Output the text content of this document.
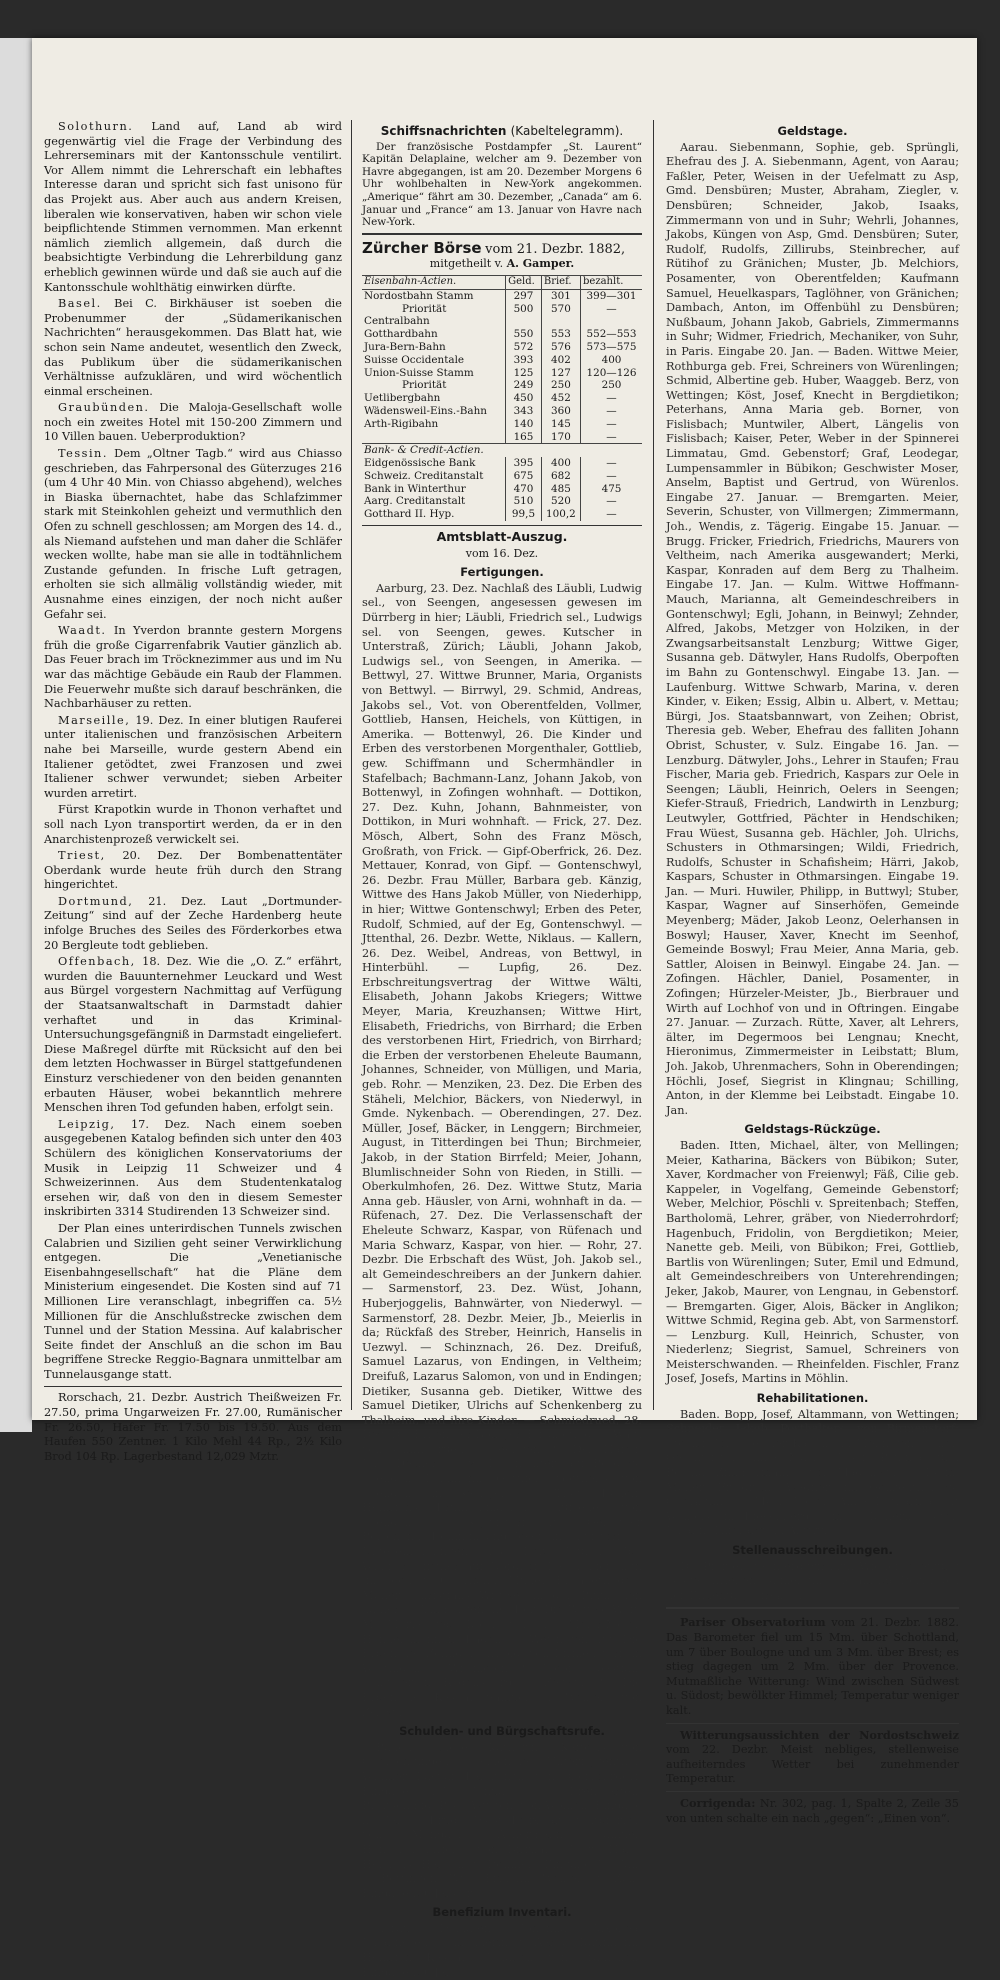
Solothurn. Land auf, Land ab wird gegenwärtig viel die Frage der Verbindung des Lehrerseminars mit der Kantonsschule ventilirt. Vor Allem nimmt die Lehrerschaft ein lebhaftes Interesse daran und spricht sich fast unisono für das Projekt aus. Aber auch aus andern Kreisen, liberalen wie konservativen, haben wir schon viele beipflichtende Stimmen vernommen. Man erkennt nämlich ziemlich allgemein, daß durch die beabsichtigte Verbindung die Lehrerbildung ganz erheblich gewinnen würde und daß sie auch auf die Kantonsschule wohlthätig einwirken dürfte.

Basel. Bei C. Birkhäuser ist soeben die Probenummer der „Südamerikanischen Nachrichten“ herausgekommen. Das Blatt hat, wie schon sein Name andeutet, wesentlich den Zweck, das Publikum über die südamerikanischen Verhältnisse aufzuklären, und wird wöchentlich einmal erscheinen.

Graubünden. Die Maloja-Gesellschaft wolle noch ein zweites Hotel mit 150-200 Zimmern und 10 Villen bauen. Ueberproduktion?

Tessin. Dem „Oltner Tagb.“ wird aus Chiasso geschrieben, das Fahrpersonal des Güterzuges 216 (um 4 Uhr 40 Min. von Chiasso abgehend), welches in Biaska übernachtet, habe das Schlafzimmer stark mit Steinkohlen geheizt und vermuthlich den Ofen zu schnell geschlossen; am Morgen des 14. d., als Niemand aufstehen und man daher die Schläfer wecken wollte, habe man sie alle in todtähnlichem Zustande gefunden. In frische Luft getragen, erholten sie sich allmälig vollständig wieder, mit Ausnahme eines einzigen, der noch nicht außer Gefahr sei.

Waadt. In Yverdon brannte gestern Morgens früh die große Cigarrenfabrik Vautier gänzlich ab. Das Feuer brach im Tröcknezimmer aus und im Nu war das mächtige Gebäude ein Raub der Flammen. Die Feuerwehr mußte sich darauf beschränken, die Nachbarhäuser zu retten.

Marseille, 19. Dez. In einer blutigen Rauferei unter italienischen und französischen Arbeitern nahe bei Marseille, wurde gestern Abend ein Italiener getödtet, zwei Franzosen und zwei Italiener schwer verwundet; sieben Arbeiter wurden arretirt.

Fürst Krapotkin wurde in Thonon verhaftet und soll nach Lyon transportirt werden, da er in den Anarchistenprozeß verwickelt sei.

Triest, 20. Dez. Der Bombenattentäter Oberdank wurde heute früh durch den Strang hingerichtet.

Dortmund, 21. Dez. Laut „Dortmunder-Zeitung“ sind auf der Zeche Hardenberg heute infolge Bruches des Seiles des Förderkorbes etwa 20 Bergleute todt geblieben.

Offenbach, 18. Dez. Wie die „O. Z.“ erfährt, wurden die Bauunternehmer Leuckard und West aus Bürgel vorgestern Nachmittag auf Verfügung der Staatsanwaltschaft in Darmstadt dahier verhaftet und in das Kriminal-Untersuchungsgefängniß in Darmstadt eingeliefert. Diese Maßregel dürfte mit Rücksicht auf den bei dem letzten Hochwasser in Bürgel stattgefundenen Einsturz verschiedener von den beiden genannten erbauten Häuser, wobei bekanntlich mehrere Menschen ihren Tod gefunden haben, erfolgt sein.

Leipzig, 17. Dez. Nach einem soeben ausgegebenen Katalog befinden sich unter den 403 Schülern des königlichen Konservatoriums der Musik in Leipzig 11 Schweizer und 4 Schweizerinnen. Aus dem Studentenkatalog ersehen wir, daß von den in diesem Semester inskribirten 3314 Studirenden 13 Schweizer sind.

Der Plan eines unterirdischen Tunnels zwischen Calabrien und Sizilien geht seiner Verwirklichung entgegen. Die „Venetianische Eisenbahngesellschaft“ hat die Pläne dem Ministerium eingesendet. Die Kosten sind auf 71 Millionen Lire veranschlagt, inbegriffen ca. 5½ Millionen für die Anschlußstrecke zwischen dem Tunnel und der Station Messina. Auf kalabrischer Seite findet der Anschluß an die schon im Bau begriffene Strecke Reggio-Bagnara unmittelbar am Tunnelausgange statt.

Rorschach, 21. Dezbr. Austrich Theißweizen Fr. 27.50, prima Ungarweizen Fr. 27.00, Rumänischer Fr. 26.50, Hafer Fr. 17.50 bis 19.50. Aus dem Haufen 550 Zentner. 1 Kilo Mehl 44 Rp., 2½ Kilo Brod 104 Rp. Lagerbestand 12,029 Mztr.

Schiffsnachrichten (Kabeltelegramm).

Der französische Postdampfer „St. Laurent“ Kapitän Delaplaine, welcher am 9. Dezember von Havre abgegangen, ist am 20. Dezember Morgens 6 Uhr wohlbehalten in New-York angekommen. „Amerique“ fährt am 30. Dezember, „Canada“ am 6. Januar und „France“ am 13. Januar von Havre nach New-York.

Zürcher Börse vom 21. Dezbr. 1882,
mitgetheilt v. A. Gamper.
Eisenbahn-Actien.	Geld.	Brief.	bezahlt.
Nordostbahn Stamm	297	301	399—301
Priorität	500	570	—
Centralbahn			
Gotthardbahn	550	553	552—553
Jura-Bern-Bahn	572	576	573—575
Suisse Occidentale	393	402	400
Union-Suisse Stamm	125	127	120—126
Priorität	249	250	250
Uetlibergbahn	450	452	—
Wädensweil-Eins.-Bahn	343	360	—
Arth-Rigibahn	140	145	—
	165	170	—
Bank- & Credit-Actien.			
Eidgenössische Bank	395	400	—
Schweiz. Creditanstalt	675	682	—
Bank in Winterthur	470	485	475
Aarg. Creditanstalt	510	520	—
Gotthard II. Hyp.	99,5	100,2	—
Amtsblatt-Auszug.
vom 16. Dez.
Fertigungen.

Aarburg, 23. Dez. Nachlaß des Läubli, Ludwig sel., von Seengen, angesessen gewesen im Dürrberg in hier; Läubli, Friedrich sel., Ludwigs sel. von Seengen, gewes. Kutscher in Unterstraß, Zürich; Läubli, Johann Jakob, Ludwigs sel., von Seengen, in Amerika. — Bettwyl, 27. Wittwe Brunner, Maria, Organists von Bettwyl. — Birrwyl, 29. Schmid, Andreas, Jakobs sel., Vot. von Oberentfelden, Vollmer, Gottlieb, Hansen, Heichels, von Küttigen, in Amerika. — Bottenwyl, 26. Die Kinder und Erben des verstorbenen Morgenthaler, Gottlieb, gew. Schiffmann und Schermhändler in Stafelbach; Bachmann-Lanz, Johann Jakob, von Bottenwyl, in Zofingen wohnhaft. — Dottikon, 27. Dez. Kuhn, Johann, Bahnmeister, von Dottikon, in Muri wohnhaft. — Frick, 27. Dez. Mösch, Albert, Sohn des Franz Mösch, Großrath, von Frick. — Gipf-Oberfrick, 26. Dez. Mettauer, Konrad, von Gipf. — Gontenschwyl, 26. Dezbr. Frau Müller, Barbara geb. Känzig, Wittwe des Hans Jakob Müller, von Niederhipp, in hier; Wittwe Gontenschwyl; Erben des Peter, Rudolf, Schmied, auf der Eg, Gontenschwyl. — Jttenthal, 26. Dezbr. Wette, Niklaus. — Kallern, 26. Dez. Weibel, Andreas, von Bettwyl, in Hinterbühl. — Lupfig, 26. Dez. Erbschreitungsvertrag der Wittwe Wälti, Elisabeth, Johann Jakobs Kriegers; Wittwe Meyer, Maria, Kreuzhansen; Wittwe Hirt, Elisabeth, Friedrichs, von Birrhard; die Erben des verstorbenen Hirt, Friedrich, von Birrhard; die Erben der verstorbenen Eheleute Baumann, Johannes, Schneider, von Mülligen, und Maria, geb. Rohr. — Menziken, 23. Dez. Die Erben des Stäheli, Melchior, Bäckers, von Niederwyl, in Gmde. Nykenbach. — Oberendingen, 27. Dez. Müller, Josef, Bäcker, in Lenggern; Birchmeier, August, in Titterdingen bei Thun; Birchmeier, Jakob, in der Station Birrfeld; Meier, Johann, Blumlischneider Sohn von Rieden, in Stilli. — Oberkulmhofen, 26. Dez. Wittwe Stutz, Maria Anna geb. Häusler, von Arni, wohnhaft in da. — Rüfenach, 27. Dez. Die Verlassenschaft der Eheleute Schwarz, Kaspar, von Rüfenach und Maria Schwarz, Kaspar, von hier. — Rohr, 27. Dezbr. Die Erbschaft des Wüst, Joh. Jakob sel., alt Gemeindeschreibers an der Junkern dahier. — Sarmenstorf, 23. Dez. Wüst, Johann, Huberjoggelis, Bahnwärter, von Niederwyl. — Sarmenstorf, 28. Dezbr. Meier, Jb., Meierlis in da; Rückfaß des Streber, Heinrich, Hanselis in Uezwyl. — Schinznach, 26. Dez. Dreifuß, Samuel Lazarus, von Endingen, in Veltheim; Dreifuß, Lazarus Salomon, von und in Endingen; Dietiker, Susanna geb. Dietiker, Wittwe des Samuel Dietiker, Ulrichs auf Schenkenberg zu Thalheim, und ihre Kinder. — Schmiedrued, 28. Dez. Die Erben der Bolliger, Elisabeth geb. Walti von Schmiedrued. — Seengen, 26. Dez. Häfeli, Joh., Deckers, gew. Posamenter, auf Berg zu Seengen; Fehlmann, Gottlieb, Gottliebs, von Seengen, in Seengen. — Thut, Rudolf, Heinrichs, Brunnenmachers, Aufseher, von Seengen. — Sigglistorf, 26. Gebrüder Belschann, Dominik und Josef, in Siglistorf. — Unterehrendingen, 28. Dez. Müller, Jb., Winklers, früher auf Nordhof, Bauer hier, nun im Sood zu Oberkulm; Müller, Elisabeth geb. Müller, Christians Wittwe, in der Bitzibaden dahier. — Villmergen, 26. Dez. Die Wittwe Wäft, M. Maria geb. Koch, von da; Meier-Meier, Handelsmann in Baden. — Wettingen, 28. Die Erben des Zehnder, Arnold, von Birmenstorf, in Wettingen. — Wislikofen, 26. Moor, Sebastian, Schuster, in Regensburg. — Zezwyl, 28. Die Erben des Kaspar, Samuel, alt Weibels, von Zezwyl.

Schulden- und Bürgschaftsrufe.

Baden. Scherer, Katharina, Kaftoris, von Oberschgingen, Gemeinde Unterfiggenthal; Widmer, Kaspar, Landwirth, von Oberrohrdorf. Eingabe 27. Januar. — Bremgarten. Breitschmid, Paul, Wysten, von Wohlen. Eingabe 25. Jan. — Brugg. Wüst, Felix, alt Stadtpfarrer, von Mandach; Ackermann, Samuel, Hanselisheinrichs, von Birrhard; Vogt, Hans, Heichels, Hansen, v. Roniken. Eingabe 17. Jan. — Bettingen. Wyß, Fridolin, Weibels, v. Zulz. Eingabe 20. Januar.

Benefizium Inventari.

Aarau. Delhafen, Johanna Jakobea, Johannesen, Schneiderin, v. Aarau; Kaufmann, Heinrich, Kaspars, Jonaßen, von Gränichen. Eingabe 20. Jan.

Geldstage.

Aarau. Siebenmann, Sophie, geb. Sprüngli, Ehefrau des J. A. Siebenmann, Agent, von Aarau; Faßler, Peter, Weisen in der Uefelmatt zu Asp, Gmd. Densbüren; Muster, Abraham, Ziegler, v. Densbüren; Schneider, Jakob, Isaaks, Zimmermann von und in Suhr; Wehrli, Johannes, Jakobs, Küngen von Asp, Gmd. Densbüren; Suter, Rudolf, Rudolfs, Zillirubs, Steinbrecher, auf Rütihof zu Gränichen; Muster, Jb. Melchiors, Posamenter, von Oberentfelden; Kaufmann Samuel, Heuelkaspars, Taglöhner, von Gränichen; Dambach, Anton, im Offenbühl zu Densbüren; Nußbaum, Johann Jakob, Gabriels, Zimmermanns in Suhr; Widmer, Friedrich, Mechaniker, von Suhr, in Paris. Eingabe 20. Jan. — Baden. Wittwe Meier, Rothburga geb. Frei, Schreiners von Würenlingen; Schmid, Albertine geb. Huber, Waaggeb. Berz, von Wettingen; Köst, Josef, Knecht in Bergdietikon; Peterhans, Anna Maria geb. Borner, von Fislisbach; Muntwiler, Albert, Längelis von Fislisbach; Kaiser, Peter, Weber in der Spinnerei Limmatau, Gmd. Gebenstorf; Graf, Leodegar, Lumpensammler in Bübikon; Geschwister Moser, Anselm, Baptist und Gertrud, von Würenlos. Eingabe 27. Januar. — Bremgarten. Meier, Severin, Schuster, von Villmergen; Zimmermann, Joh., Wendis, z. Tägerig. Eingabe 15. Januar. — Brugg. Fricker, Friedrich, Friedrichs, Maurers von Veltheim, nach Amerika ausgewandert; Merki, Kaspar, Konraden auf dem Berg zu Thalheim. Eingabe 17. Jan. — Kulm. Wittwe Hoffmann-Mauch, Marianna, alt Gemeindeschreibers in Gontenschwyl; Egli, Johann, in Beinwyl; Zehnder, Alfred, Jakobs, Metzger von Holziken, in der Zwangsarbeitsanstalt Lenzburg; Wittwe Giger, Susanna geb. Dätwyler, Hans Rudolfs, Oberpoften im Bahn zu Gontenschwyl. Eingabe 13. Jan. — Laufenburg. Wittwe Schwarb, Marina, v. deren Kinder, v. Eiken; Essig, Albin u. Albert, v. Mettau; Bürgi, Jos. Staatsbannwart, von Zeihen; Obrist, Theresia geb. Weber, Ehefrau des falliten Johann Obrist, Schuster, v. Sulz. Eingabe 16. Jan. — Lenzburg. Dätwyler, Johs., Lehrer in Staufen; Frau Fischer, Maria geb. Friedrich, Kaspars zur Oele in Seengen; Läubli, Heinrich, Oelers in Seengen; Kiefer-Strauß, Friedrich, Landwirth in Lenzburg; Leutwyler, Gottfried, Pächter in Hendschiken; Frau Wüest, Susanna geb. Hächler, Joh. Ulrichs, Schusters in Othmarsingen; Wildi, Friedrich, Rudolfs, Schuster in Schafisheim; Härri, Jakob, Kaspars, Schuster in Othmarsingen. Eingabe 19. Jan. — Muri. Huwiler, Philipp, in Buttwyl; Stuber, Kaspar, Wagner auf Sinserhöfen, Gemeinde Meyenberg; Mäder, Jakob Leonz, Oelerhansen in Boswyl; Hauser, Xaver, Knecht im Seenhof, Gemeinde Boswyl; Frau Meier, Anna Maria, geb. Sattler, Aloisen in Beinwyl. Eingabe 24. Jan. — Zofingen. Hächler, Daniel, Posamenter, in Zofingen; Hürzeler-Meister, Jb., Bierbrauer und Wirth auf Lochhof von und in Oftringen. Eingabe 27. Januar. — Zurzach. Rütte, Xaver, alt Lehrers, älter, im Degermoos bei Lengnau; Knecht, Hieronimus, Zimmermeister in Leibstatt; Blum, Joh. Jakob, Uhrenmachers, Sohn in Oberendingen; Höchli, Josef, Siegrist in Klingnau; Schilling, Anton, in der Klemme bei Leibstadt. Eingabe 10. Jan.

Geldstags-Rückzüge.

Baden. Itten, Michael, älter, von Mellingen; Meier, Katharina, Bäckers von Bübikon; Suter, Xaver, Kordmacher von Freienwyl; Fäß, Cilie geb. Kappeler, in Vogelfang, Gemeinde Gebenstorf; Weber, Melchior, Pöschli v. Spreitenbach; Steffen, Bartholomä, Lehrer, gräber, von Niederrohrdorf; Hagenbuch, Fridolin, von Bergdietikon; Meier, Nanette geb. Meili, von Bübikon; Frei, Gottlieb, Bartlis von Würenlingen; Suter, Emil und Edmund, alt Gemeindeschreibers von Unterehrendingen; Jeker, Jakob, Maurer, von Lengnau, in Gebenstorf. — Bremgarten. Giger, Alois, Bäcker in Anglikon; Wittwe Schmid, Regina geb. Abt, von Sarmenstorf. — Lenzburg. Kull, Heinrich, Schuster, von Niederlenz; Siegrist, Samuel, Schreiners von Meisterschwanden. — Rheinfelden. Fischler, Franz Josef, Josefs, Martins in Möhlin.

Rehabilitationen.

Baden. Bopp, Josef, Altammann, von Wettingen; Schneider, Jakob, Posthalters, von Birmenstorf; Stöckli, Joh., bei der Kapelle in Mellingen; Seiler, Geschwister Anna Maria, Josef, Paulina, und Bertha, Zimmermanns, von Mägenwyl. — Kulm. Müller, Friedrich, Wagner, im Gonzenthal zu Oberkulm. — Muri. Meier, Anna Katharina, alt Weibels, in Riesenberg, Gmde. Kallern; Suter, Johann, Thierarzt, in Abtwyl.

Stellenausschreibungen.

Die Pfarrei Staufberg wird zur Wiederbesetzung ausgeschrieben. Anmeldung bis am 26. Dezbr. bei der Erziehungsdirektion.

Pariser Observatorium vom 21. Dezbr. 1882. Das Barometer fiel um 15 Mm. über Schottland, um 7 über Boulogne und um 3 Mm. über Brest; es stieg dagegen um 2 Mm. über der Provence. Mutmaßliche Witterung: Wind zwischen Südwest u. Südost; bewölkter Himmel; Temperatur weniger kalt.

Witterungsaussichten der Nordostschweiz vom 22. Dezbr. Meist nebliges, stellenweise aufheiterndes Wetter bei zunehmender Temperatur.

Corrigenda: Nr. 302, pag. 1, Spalte 2, Zeile 35 von unten schalte ein nach „gegen“: „Einen von“.
